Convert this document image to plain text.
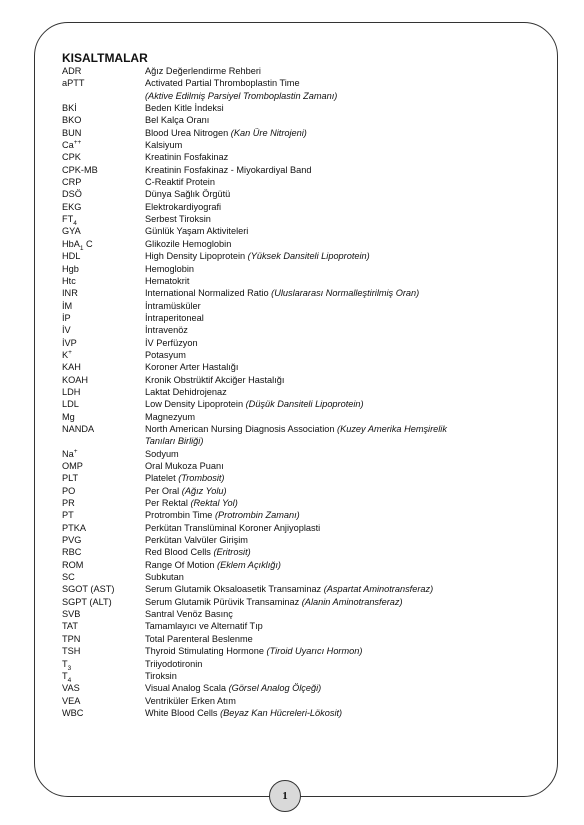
KISALTMALAR
ADR	Ağız Değerlendirme Rehberi
aPTT	Activated Partial Thromboplastin Time
(Aktive Edilmiş Parsiyel Tromboplastin Zamanı)
BKİ	Beden Kitle İndeksi
BKO	Bel Kalça Oranı
BUN	Blood Urea Nitrogen (Kan Üre Nitrojeni)
Ca++	Kalsiyum
CPK	Kreatinin Fosfakinaz
CPK-MB	Kreatinin Fosfakinaz - Miyokardiyal Band
CRP	C-Reaktif Protein
DSÖ	Dünya Sağlık Örgütü
EKG	Elektrokardiyografi
$FT_4$	Serbest Tiroksin
GYA	Günlük Yaşam Aktiviteleri
HbA$_1$ C	Glikozile Hemoglobin
HDL	High Density Lipoprotein (Yüksek Dansiteli Lipoprotein)
Hgb	Hemoglobin
Htc	Hematokrit
INR	International Normalized Ratio (Uluslararası Normalleştirilmiş Oran)
İM	İntramüsküler
İP	İntraperitoneal
İV	İntravenöz
İVP	İV Perfüzyon
K+	Potasyum
KAH	Koroner Arter Hastalığı
KOAH	Kronik Obstrüktif Akciğer Hastalığı
LDH	Laktat Dehidrojenaz
LDL	Low Density Lipoprotein (Düşük Dansiteli Lipoprotein)
Mg	Magnezyum
NANDA	North American Nursing Diagnosis Association (Kuzey Amerika Hemşirelik
Tanıları Birliği)
Na+	Sodyum
OMP	Oral Mukoza Puanı
PLT	Platelet (Trombosit)
PO	Per Oral (Ağız Yolu)
PR	Per Rektal (Rektal Yol)
PT	Protrombin Time (Protrombin Zamanı)
PTKA	Perkütan Translüminal Koroner Anjiyoplasti
PVG	Perkütan Valvüler Girişim
RBC	Red Blood Cells (Eritrosit)
ROM	Range Of Motion (Eklem Açıklığı)
SC	Subkutan
SGOT (AST)	Serum Glutamik Oksaloasetik Transaminaz (Aspartat Aminotransferaz)
SGPT (ALT)	Serum Glutamik Pürüvik Transaminaz (Alanin Aminotransferaz)
SVB	Santral Venöz Basınç
TAT	Tamamlayıcı ve Alternatif Tıp
TPN	Total Parenteral Beslenme
TSH	Thyroid Stimulating Hormone (Tiroid Uyarıcı Hormon)
$T_3$	Triiyodotironin
$T_4$	Tiroksin
VAS	Visual Analog Scala (Görsel Analog Ölçeği)
VEA	Ventriküler Erken Atım
WBC	White Blood Cells (Beyaz Kan Hücreleri-Lökosit)
1
